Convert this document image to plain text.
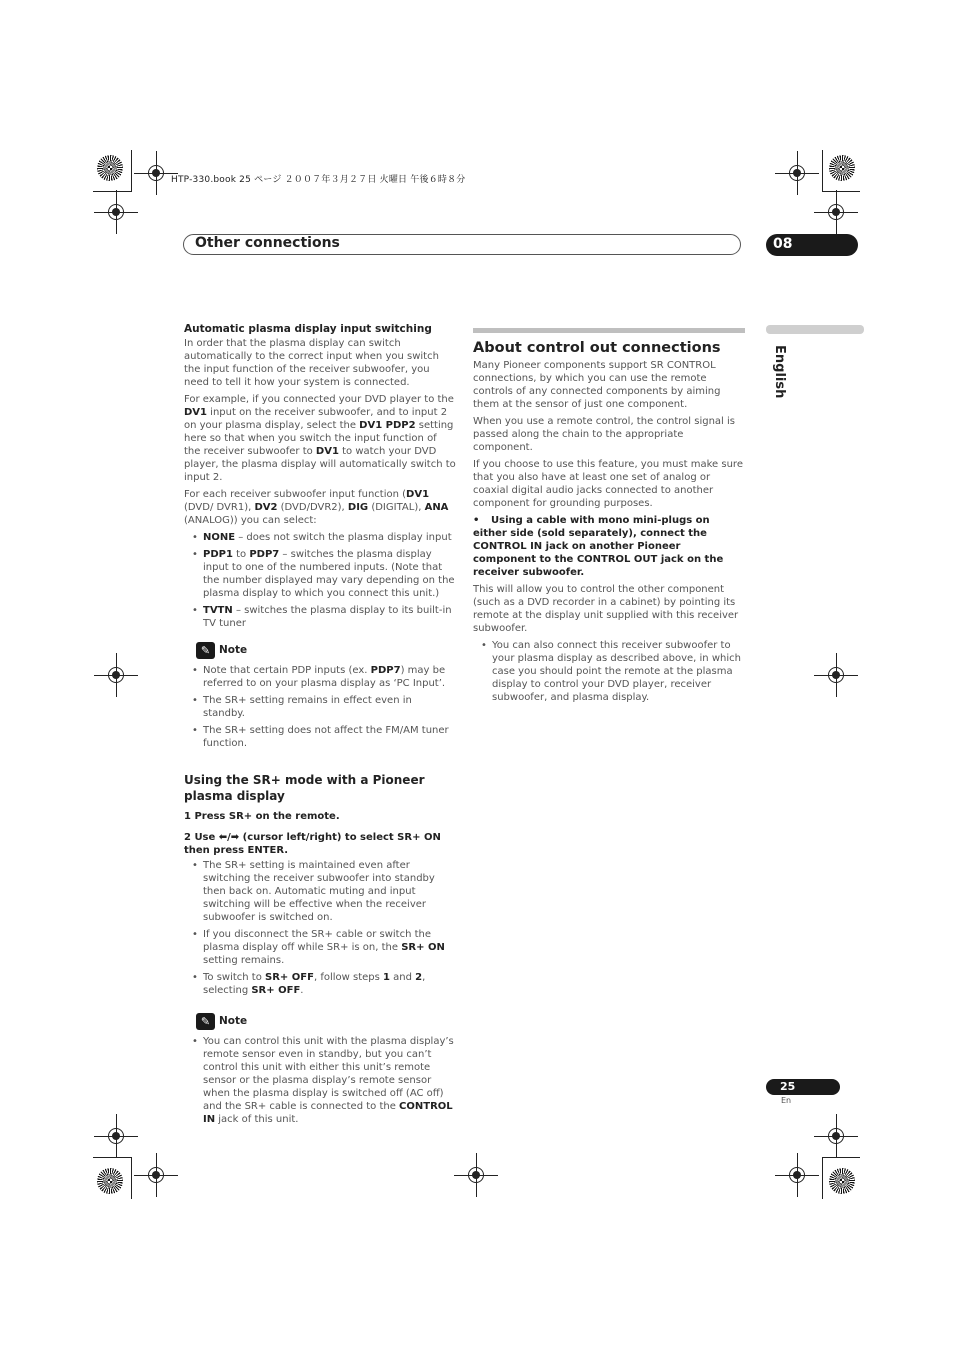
HTP-330.book 25 ページ ２００７年３月２７日 火曜日 午後６時８分
Other connections	08
English
25
En
Automatic plasma display input switching

In order that the plasma display can switch automatically to the correct input when you switch the input function of the receiver subwoofer, you need to tell it how your system is connected.

For example, if you connected your DVD player to the DV1 input on the receiver subwoofer, and to input 2 on your plasma display, select the DV1 PDP2 setting here so that when you switch the input function of the receiver subwoofer to DV1 to watch your DVD player, the plasma display will automatically switch to input 2.

For each receiver subwoofer input function (DV1 (DVD/ DVR1), DV2 (DVD/DVR2), DIG (DIGITAL), ANA (ANALOG)) you can select:

• NONE – does not switch the plasma display input
• PDP1 to PDP7 – switches the plasma display input to one of the numbered inputs. (Note that the number displayed may vary depending on the plasma display to which you connect this unit.)
• TVTN – switches the plasma display to its built-in TV tuner
✎ Note
• Note that certain PDP inputs (ex. PDP7) may be referred to on your plasma display as ‘PC Input’.
• The SR+ setting remains in effect even in standby.
• The SR+ setting does not affect the FM/AM tuner function.
Using the SR+ mode with a Pioneer plasma display
1 Press SR+ on the remote.
2 Use ⬅/➡ (cursor left/right) to select SR+ ON then press ENTER.
• The SR+ setting is maintained even after switching the receiver subwoofer into standby then back on. Automatic muting and input switching will be effective when the receiver subwoofer is switched on.
• If you disconnect the SR+ cable or switch the plasma display off while SR+ is on, the SR+ ON setting remains.
• To switch to SR+ OFF, follow steps 1 and 2, selecting SR+ OFF.
✎ Note
• You can control this unit with the plasma display’s remote sensor even in standby, but you can’t control this unit with either this unit’s remote sensor or the plasma display’s remote sensor when the plasma display is switched off (AC off) and the SR+ cable is connected to the CONTROL IN jack of this unit.
About control out connections

Many Pioneer components support SR CONTROL connections, by which you can use the remote controls of any connected components by aiming them at the sensor of just one component.

When you use a remote control, the control signal is passed along the chain to the appropriate component.

If you choose to use this feature, you must make sure that you also have at least one set of analog or coaxial digital audio jacks connected to another component for grounding purposes.

• Using a cable with mono mini-plugs on either side (sold separately), connect the CONTROL IN jack on another Pioneer component to the CONTROL OUT jack on the receiver subwoofer.

This will allow you to control the other component (such as a DVD recorder in a cabinet) by pointing its remote at the display unit supplied with this receiver subwoofer.

• You can also connect this receiver subwoofer to your plasma display as described above, in which case you should point the remote at the plasma display to control your DVD player, receiver subwoofer, and plasma display.
